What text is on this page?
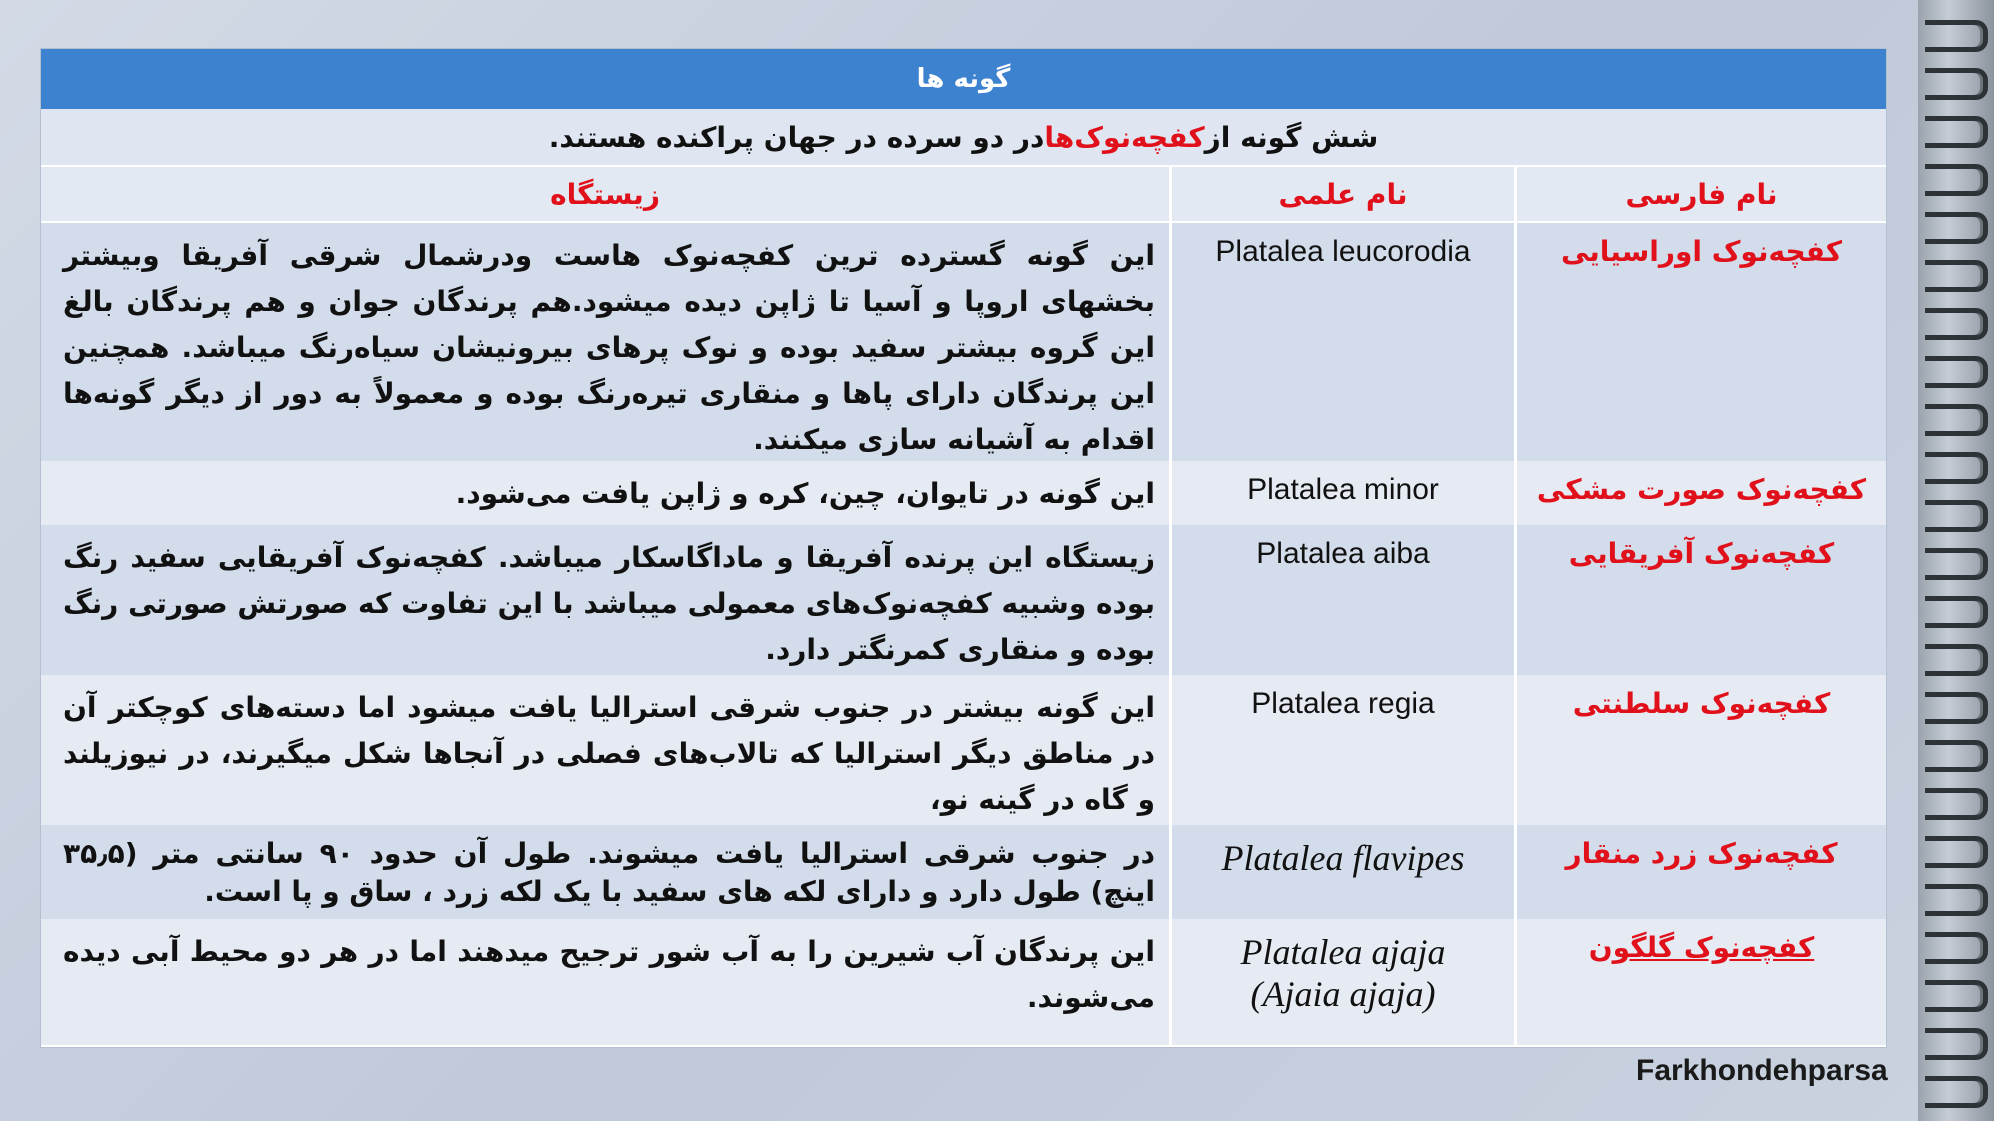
گونه ها
شش گونه از
کفچه‌نوک‌ها
در دو سرده در جهان پراکنده هستند.
نام فارسی
نام علمی
زیستگاه
کفچه‌نوک اوراسیایی
Platalea leucorodia
این گونه گسترده ترین کفچه‌نوک هاست ودرشمال شرقی آفریقا وبیشتر بخشهای اروپا و آسیا تا ژاپن دیده میشود.هم پرندگان جوان و هم پرندگان بالغ این گروه بیشتر سفید بوده و نوک پرهای بیرونیشان سیاه‌رنگ میباشد. همچنین این پرندگان دارای پاها و منقاری تیره‌رنگ بوده و معمولاً به دور از دیگر گونه‌ها اقدام به آشیانه سازی میکنند.
کفچه‌نوک صورت مشکی
Platalea minor
این گونه در تایوان، چین، کره و ژاپن یافت می‌شود.
کفچه‌نوک آفریقایی
Platalea aiba
زیستگاه این پرنده آفریقا و ماداگاسکار میباشد. کفچه‌نوک آفریقایی سفید رنگ بوده وشبیه کفچه‌نوک‌های معمولی میباشد با این تفاوت که صورتش صورتی رنگ بوده و منقاری کمرنگتر دارد.
کفچه‌نوک سلطنتی
Platalea regia
این گونه بیشتر در جنوب شرقی استرالیا یافت میشود اما دسته‌های کوچکتر آن در مناطق دیگر استرالیا که تالاب‌های فصلی در آنجاها شکل میگیرند، در نیوزیلند و گاه در گینه نو،
کفچه‌نوک زرد منقار
Platalea flavipes
در جنوب شرقی استرالیا یافت میشوند. طول آن حدود ۹۰ سانتی متر (۳۵٫۵ اینچ) طول دارد و دارای لکه های سفید با یک لکه زرد ، ساق و پا است.
کفچه‌نوک گلگون
Platalea ajaja
(Ajaia ajaja)
این پرندگان آب شیرین را به آب شور ترجیح میدهند اما در هر دو محیط آبی دیده می‌شوند.
Farkhondehparsa
